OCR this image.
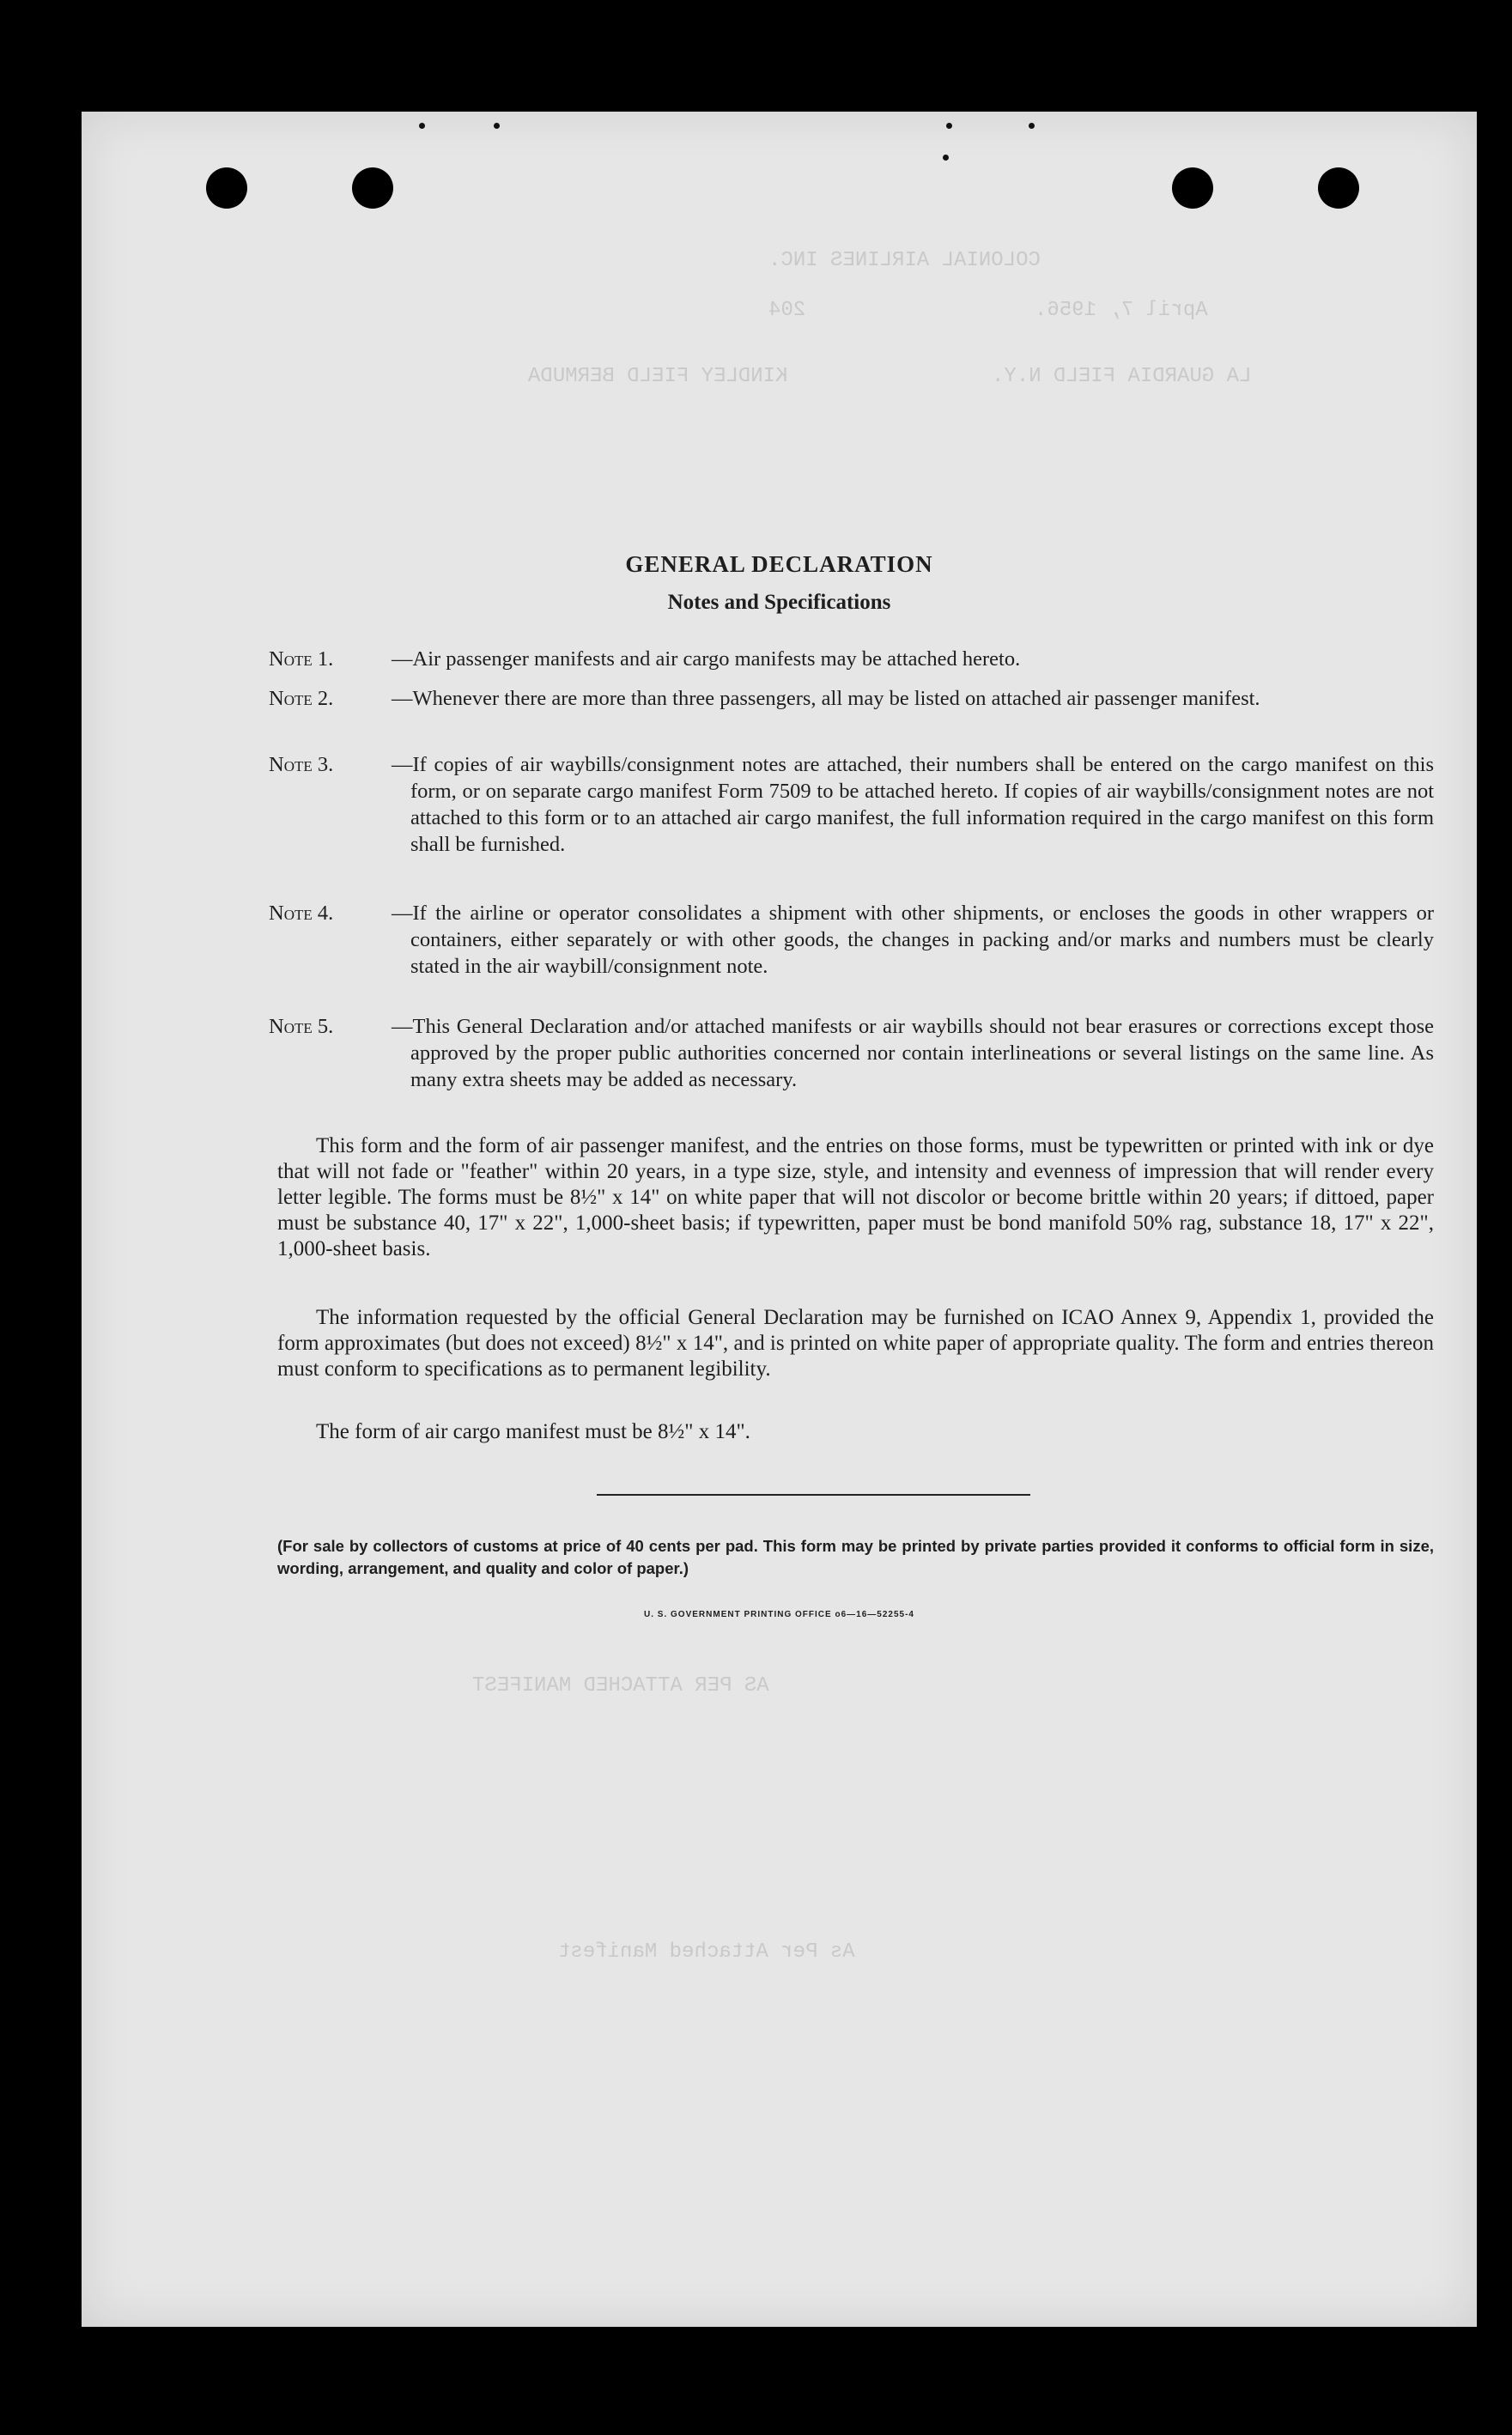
COLONIAL AIRLINES INC.
204	April 7, 1956.
KINDLEY FIELD BERMUDA	LA GUARDIA FIELD N.Y.
AS PER ATTACHED MANIFEST
As Per Attached Manifest
GENERAL DECLARATION
Notes and Specifications
Note 1.	—Air passenger manifests and air cargo manifests may be attached hereto.
Note 2.	—Whenever there are more than three passengers, all may be listed on attached air passenger manifest.
Note 3.	—If copies of air waybills/consignment notes are attached, their numbers shall be entered on the cargo manifest on this form, or on separate cargo manifest Form 7509 to be attached hereto. If copies of air waybills/consignment notes are not attached to this form or to an attached air cargo manifest, the full information required in the cargo manifest on this form shall be furnished.
Note 4.	—If the airline or operator consolidates a shipment with other shipments, or encloses the goods in other wrappers or containers, either separately or with other goods, the changes in packing and/or marks and numbers must be clearly stated in the air waybill/consignment note.
Note 5.	—This General Declaration and/or attached manifests or air waybills should not bear erasures or corrections except those approved by the proper public authorities concerned nor contain interlineations or several listings on the same line. As many extra sheets may be added as necessary.
This form and the form of air passenger manifest, and the entries on those forms, must be typewritten or printed with ink or dye that will not fade or "feather" within 20 years, in a type size, style, and intensity and evenness of impression that will render every letter legible. The forms must be 8½" x 14" on white paper that will not discolor or become brittle within 20 years; if dittoed, paper must be substance 40, 17" x 22", 1,000-sheet basis; if typewritten, paper must be bond manifold 50% rag, substance 18, 17" x 22", 1,000-sheet basis.
The information requested by the official General Declaration may be furnished on ICAO Annex 9, Appendix 1, provided the form approximates (but does not exceed) 8½" x 14", and is printed on white paper of appropriate quality. The form and entries thereon must conform to specifications as to permanent legibility.
The form of air cargo manifest must be 8½" x 14".
(For sale by collectors of customs at price of 40 cents per pad. This form may be printed by private parties provided it conforms to official form in size, wording, arrangement, and quality and color of paper.)
U. S. GOVERNMENT PRINTING OFFICE o6—16—52255-4
